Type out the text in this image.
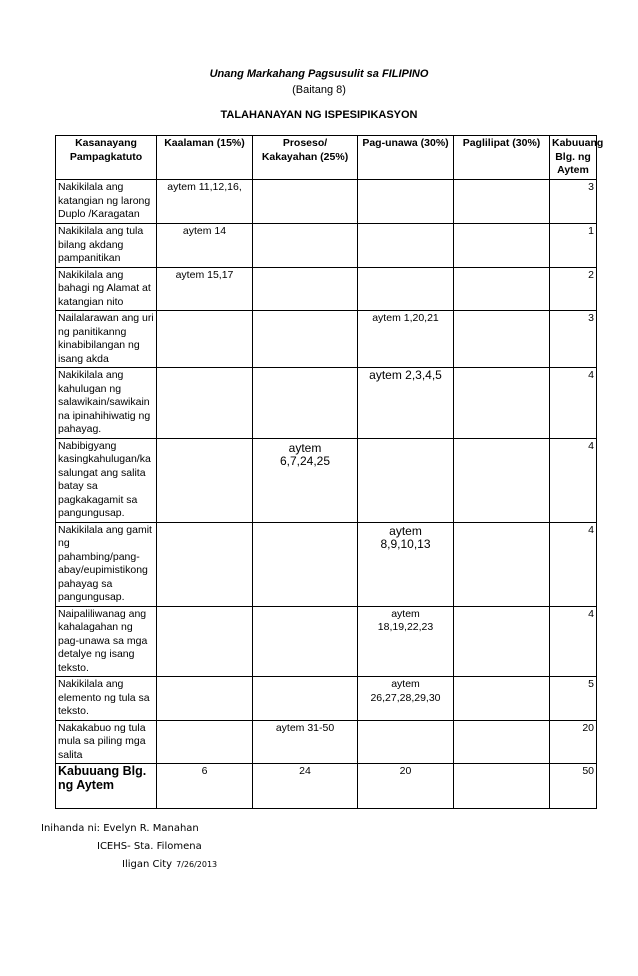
Unang Markahang Pagsusulit sa FILIPINO
(Baitang 8)
TALAHANAYAN NG ISPESIPIKASYON
Kasanayang Pampagkatuto	Kaalaman (15%)	Proseso/ Kakayahan (25%)	Pag-unawa (30%)	Paglilipat (30%)	Kabuuang Blg. ng Aytem
Nakikilala ang katangian ng larong Duplo /Karagatan	aytem 11,12,16,				3
Nakikilala ang tula bilang akdang pampanitikan	aytem 14				1
Nakikilala ang bahagi ng Alamat at katangian nito	aytem 15,17				2
Nailalarawan ang uri ng panitikanng kinabibilangan ng isang akda			aytem 1,20,21		3
Nakikilala ang kahulugan ng salawikain/sawikain na ipinahihiwatig ng pahayag.			aytem 2,3,4,5		4
Nabibigyang kasingkahulugan/ka salungat ang salita batay sa pagkakagamit sa pangungusap.		aytem 6,7,24,25			4
Nakikilala ang gamit ng pahambing/pang-abay/eupimistikong pahayag sa pangungusap.			aytem 8,9,10,13		4
Naipaliliwanag ang kahalagahan ng pag-unawa sa mga detalye ng isang teksto.			aytem 18,19,22,23		4
Nakikilala ang elemento ng tula sa teksto.			aytem 26,27,28,29,30		5
Nakakabuo ng tula mula sa piling mga salita		aytem 31-50			20
Kabuuang Blg. ng Aytem	6	24	20		50
Inihanda ni: Evelyn R. Manahan
ICEHS- Sta. Filomena
Iligan City 7/26/2013
